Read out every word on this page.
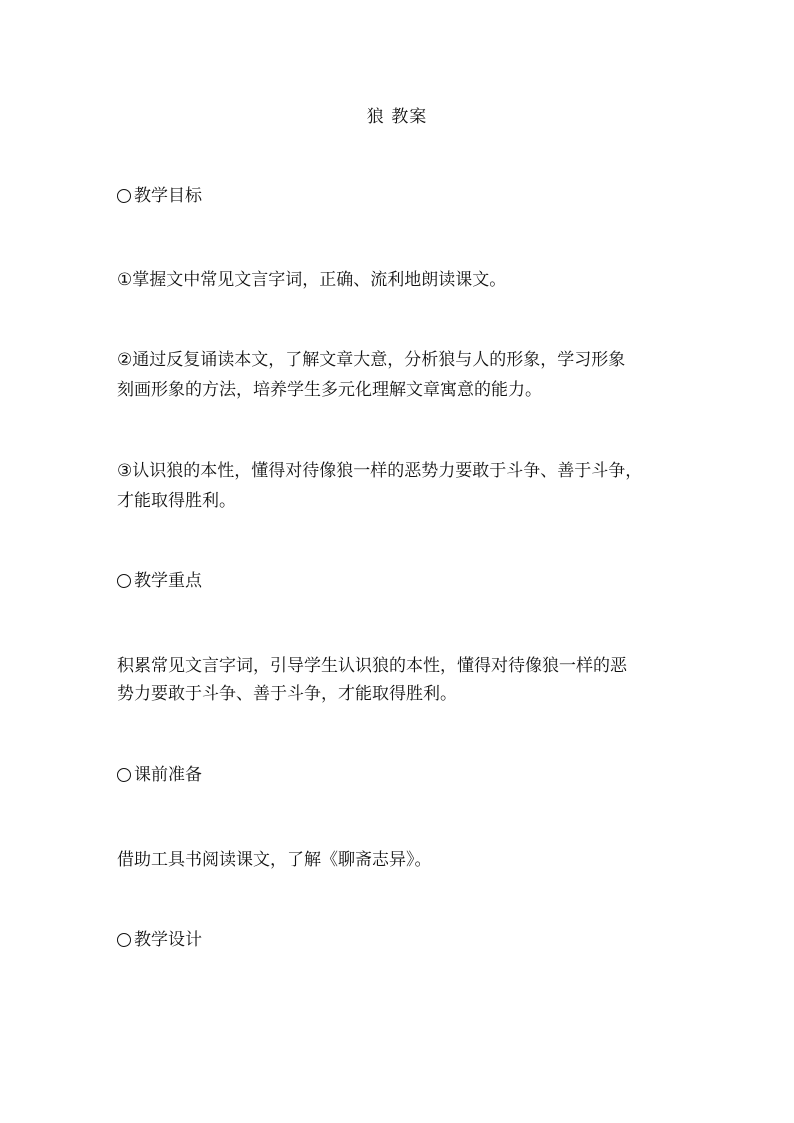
狼 教案
教学目标
①掌握文中常见文言字词，正确、流利地朗读课文。
②通过反复诵读本文，了解文章大意，分析狼与人的形象，学习形象
刻画形象的方法，培养学生多元化理解文章寓意的能力。
③认识狼的本性，懂得对待像狼一样的恶势力要敢于斗争、善于斗争，
才能取得胜利。
教学重点
积累常见文言字词，引导学生认识狼的本性，懂得对待像狼一样的恶
势力要敢于斗争、善于斗争，才能取得胜利。
课前准备
借助工具书阅读课文，了解《聊斋志异》。
教学设计
